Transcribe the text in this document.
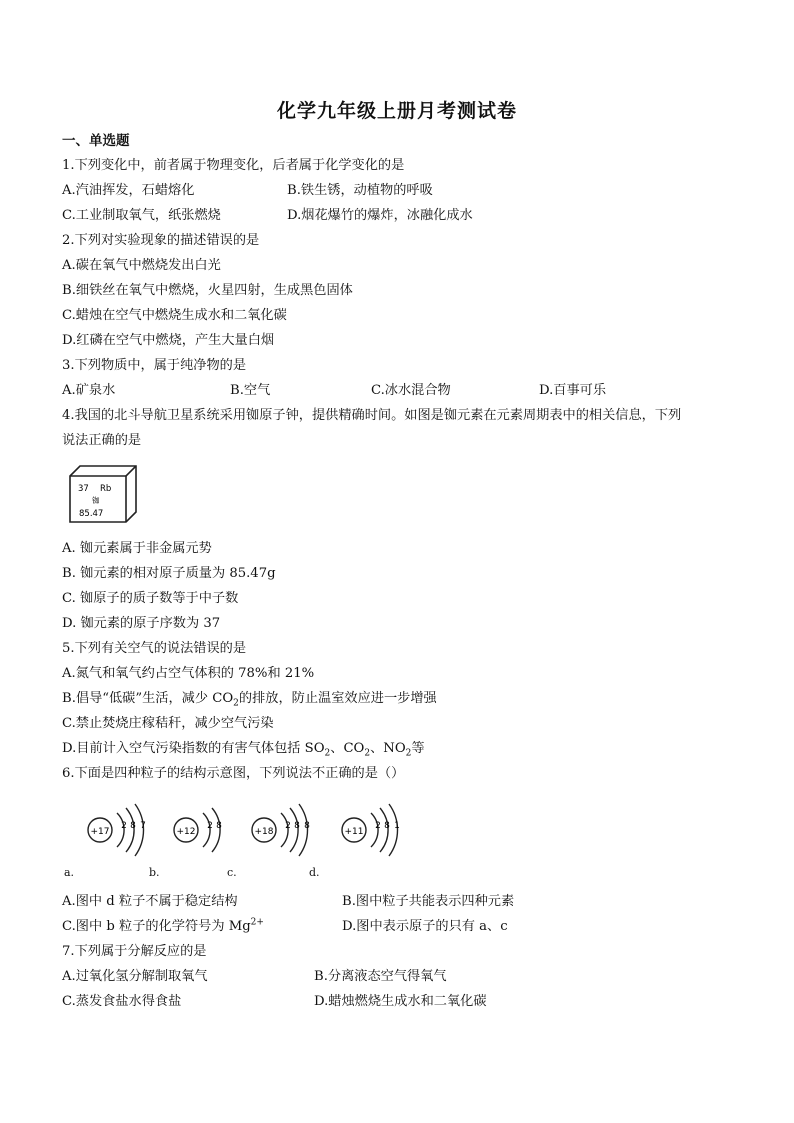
化学九年级上册月考测试卷
一、单选题
1.下列变化中，前者属于物理变化，后者属于化学变化的是
A.汽油挥发，石蜡熔化	B.铁生锈，动植物的呼吸
C.工业制取氧气，纸张燃烧	D.烟花爆竹的爆炸，冰融化成水
2.下列对实验现象的描述错误的是
A.碳在氧气中燃烧发出白光
B.细铁丝在氧气中燃烧，火星四射，生成黑色固体
C.蜡烛在空气中燃烧生成水和二氧化碳
D.红磷在空气中燃烧，产生大量白烟
3.下列物质中，属于纯净物的是
A.矿泉水	B.空气	C.冰水混合物	D.百事可乐
4.我国的北斗导航卫星系统采用铷原子钟，提供精确时间。如图是铷元素在元素周期表中的相关信息，下列
说法正确的是
37 Rb
铷
85.47
A. 铷元素属于非金属元势
B. 铷元素的相对原子质量为 85.47g
C. 铷原子的质子数等于中子数
D. 铷元素的原子序数为 37
5.下列有关空气的说法错误的是
A.氮气和氧气约占空气体积的 78%和 21%
B.倡导“低碳”生活，减少 $CO_2$的排放，防止温室效应进一步增强
C.禁止焚烧庄稼秸秆，减少空气污染
D.目前计入空气污染指数的有害气体包括 $SO_2$、$CO_2$、$NO_2$等
6.下面是四种粒子的结构示意图，下列说法不正确的是（）
+17
2 8 7
+12
2 8
+18
2 8 8
+11
2 8 1
a.	b.	c.	d.
A.图中 d 粒子不属于稳定结构	B.图中粒子共能表示四种元素
C.图中 b 粒子的化学符号为 $Mg^{2+}$	D.图中表示原子的只有 a、c
7.下列属于分解反应的是
A.过氧化氢分解制取氧气	B.分离液态空气得氧气
C.蒸发食盐水得食盐	D.蜡烛燃烧生成水和二氧化碳
